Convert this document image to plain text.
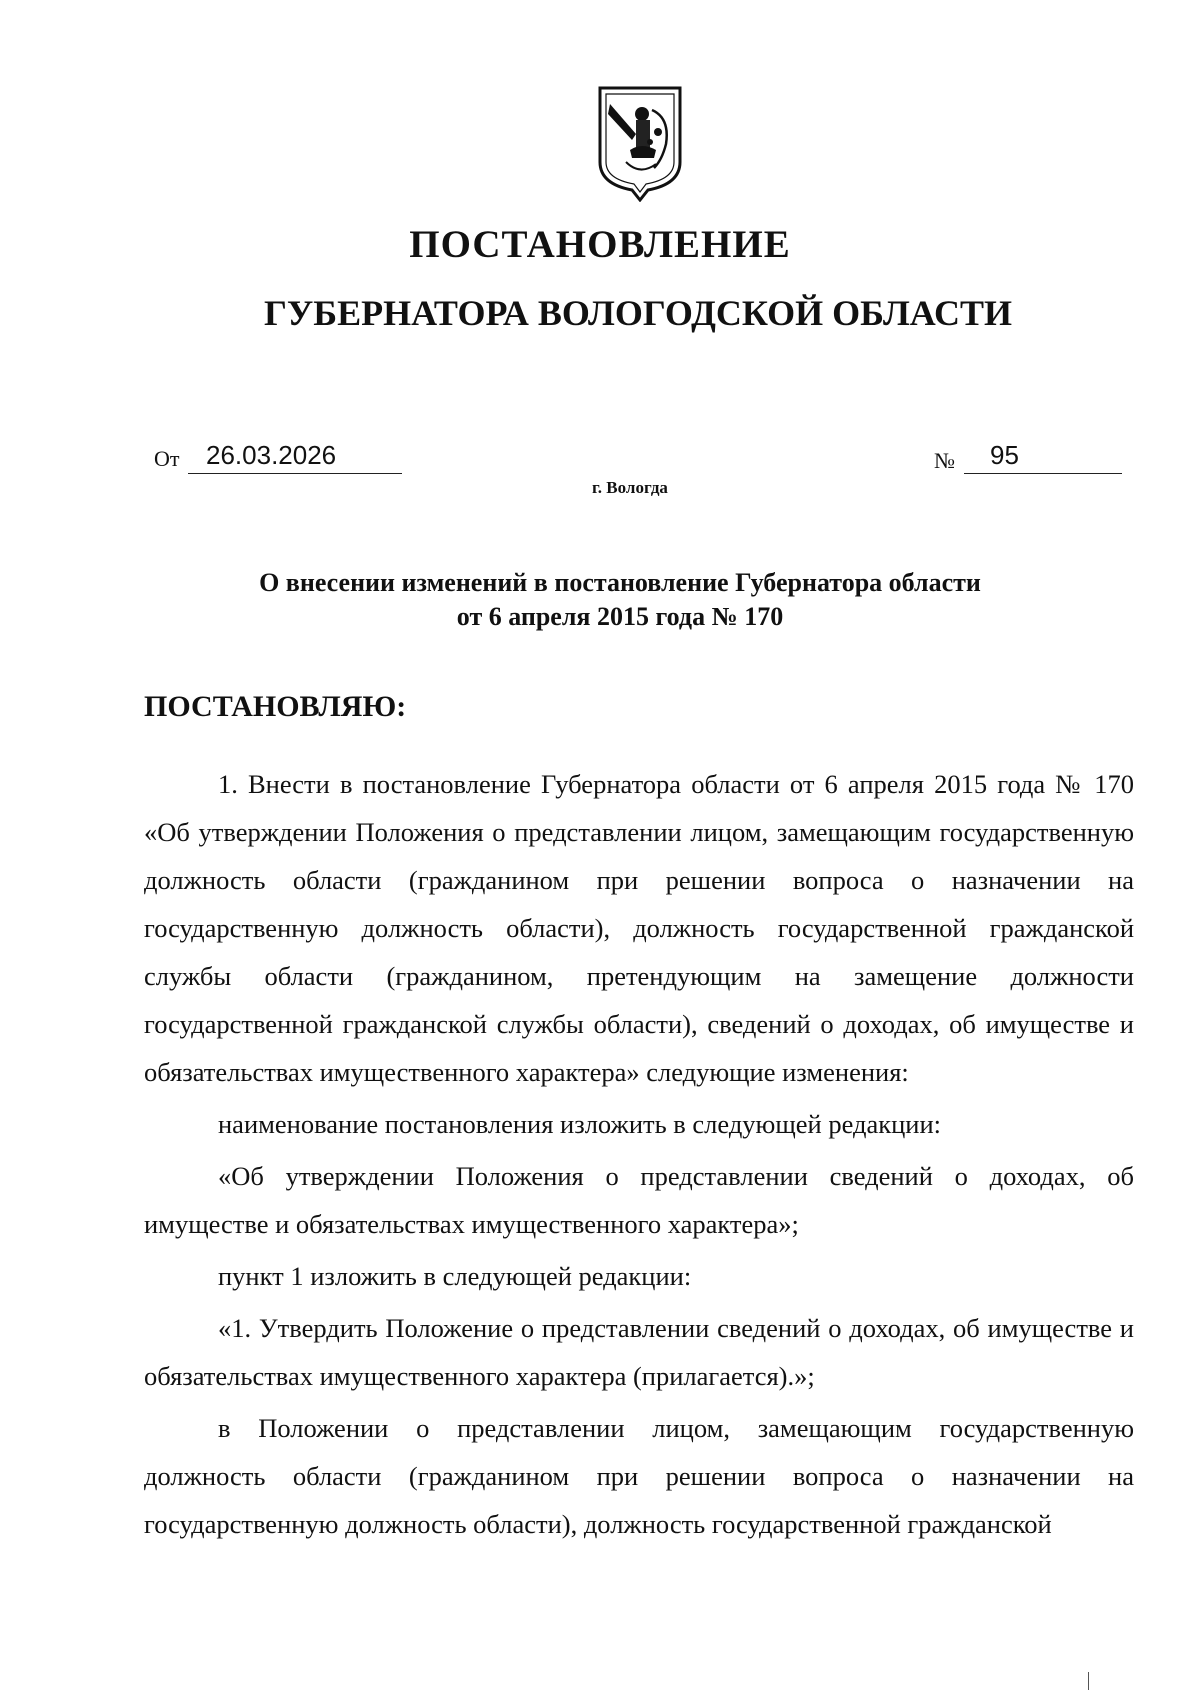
ПОСТАНОВЛЕНИЕ
ГУБЕРНАТОРА ВОЛОГОДСКОЙ ОБЛАСТИ
От	26.03.2026	№	95
г. Вологда
О внесении изменений в постановление Губернатора области
от 6 апреля 2015 года № 170
ПОСТАНОВЛЯЮ:

1. Внести в постановление Губернатора области от 6 апреля 2015 года № 170 «Об утверждении Положения о представлении лицом, замещающим государственную должность области (гражданином при решении вопроса о назначении на государственную должность области), должность государственной гражданской службы области (гражданином, претендующим на замещение должности государственной гражданской службы области), сведений о доходах, об имуществе и обязательствах имущественного характера» следующие изменения:

наименование постановления изложить в следующей редакции:

«Об утверждении Положения о представлении сведений о доходах, об имуществе и обязательствах имущественного характера»;

пункт 1 изложить в следующей редакции:

«1. Утвердить Положение о представлении сведений о доходах, об имуществе и обязательствах имущественного характера (прилагается).»;

в Положении о представлении лицом, замещающим государственную должность области (гражданином при решении вопроса о назначении на государственную должность области), должность государственной гражданской
